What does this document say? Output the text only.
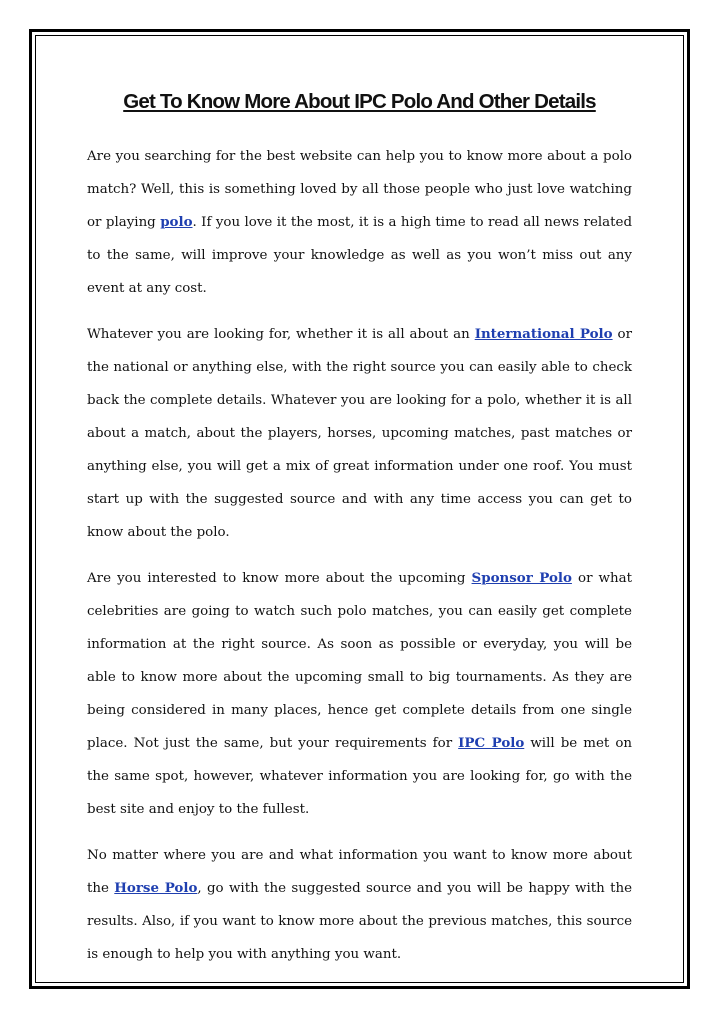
Get To Know More About IPC Polo And Other Details

Are you searching for the best website can help you to know more about a polo match? Well, this is something loved by all those people who just love watching or playing polo. If you love it the most, it is a high time to read all news related to the same, will improve your knowledge as well as you won’t miss out any event at any cost.

Whatever you are looking for, whether it is all about an International Polo or the national or anything else, with the right source you can easily able to check back the complete details. Whatever you are looking for a polo, whether it is all about a match, about the players, horses, upcoming matches, past matches or anything else, you will get a mix of great information under one roof. You must start up with the suggested source and with any time access you can get to know about the polo.

Are you interested to know more about the upcoming Sponsor Polo or what celebrities are going to watch such polo matches, you can easily get complete information at the right source. As soon as possible or everyday, you will be able to know more about the upcoming small to big tournaments. As they are being considered in many places, hence get complete details from one single place. Not just the same, but your requirements for IPC Polo will be met on the same spot, however, whatever information you are looking for, go with the best site and enjoy to the fullest.

No matter where you are and what information you want to know more about the Horse Polo, go with the suggested source and you will be happy with the results. Also, if you want to know more about the previous matches, this source is enough to help you with anything you want.
